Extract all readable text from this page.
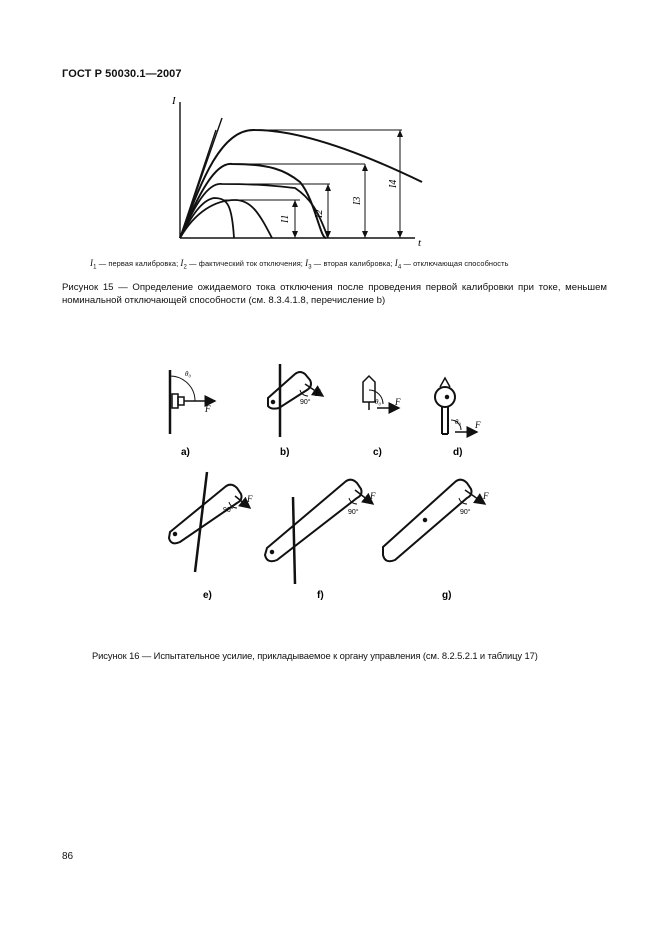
ГОСТ Р 50030.1—2007
I
t
I1
I2
I3
I4
$I_1$ — первая калибровка; $I_2$ — фактический ток отключения; $I_3$ — вторая калибровка; $I_4$ — отключающая способность
Рисунок 15 — Определение ожидаемого тока отключения после проведения первой калибровки при токе, меньшем номинальной отключающей способности (см. 8.3.4.1.8, перечисление b)
F
F
90°	F
θ₀
F
θ₀
θ₀
F
90°
F
90°
F
90°
a)	b)	c)	d)
e)	f)	g)
Рисунок 16 — Испытательное усилие, прикладываемое к органу управления (см. 8.2.5.2.1 и таблицу 17)
86
